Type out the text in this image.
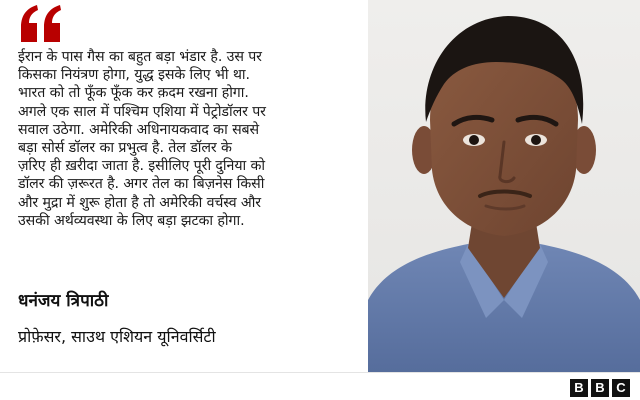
ईरान के पास गैस का बहुत बड़ा भंडार है. उस पर
किसका नियंत्रण होगा, युद्ध इसके लिए भी था.
भारत को तो फूँक फूँक कर क़दम रखना होगा.
अगले एक साल में पश्चिम एशिया में पेट्रोडॉलर पर
सवाल उठेगा. अमेरिकी अधिनायकवाद का सबसे
बड़ा सोर्स डॉलर का प्रभुत्व है. तेल डॉलर के
ज़रिए ही ख़रीदा जाता है. इसीलिए पूरी दुनिया को
डॉलर की ज़रूरत है. अगर तेल का बिज़नेस किसी
और मुद्रा में शुरू होता है तो अमेरिकी वर्चस्व और
उसकी अर्थव्यवस्था के लिए बड़ा झटका होगा.

धनंजय त्रिपाठी

प्रोफ़ेसर, साउथ एशियन यूनिवर्सिटी

B B C
